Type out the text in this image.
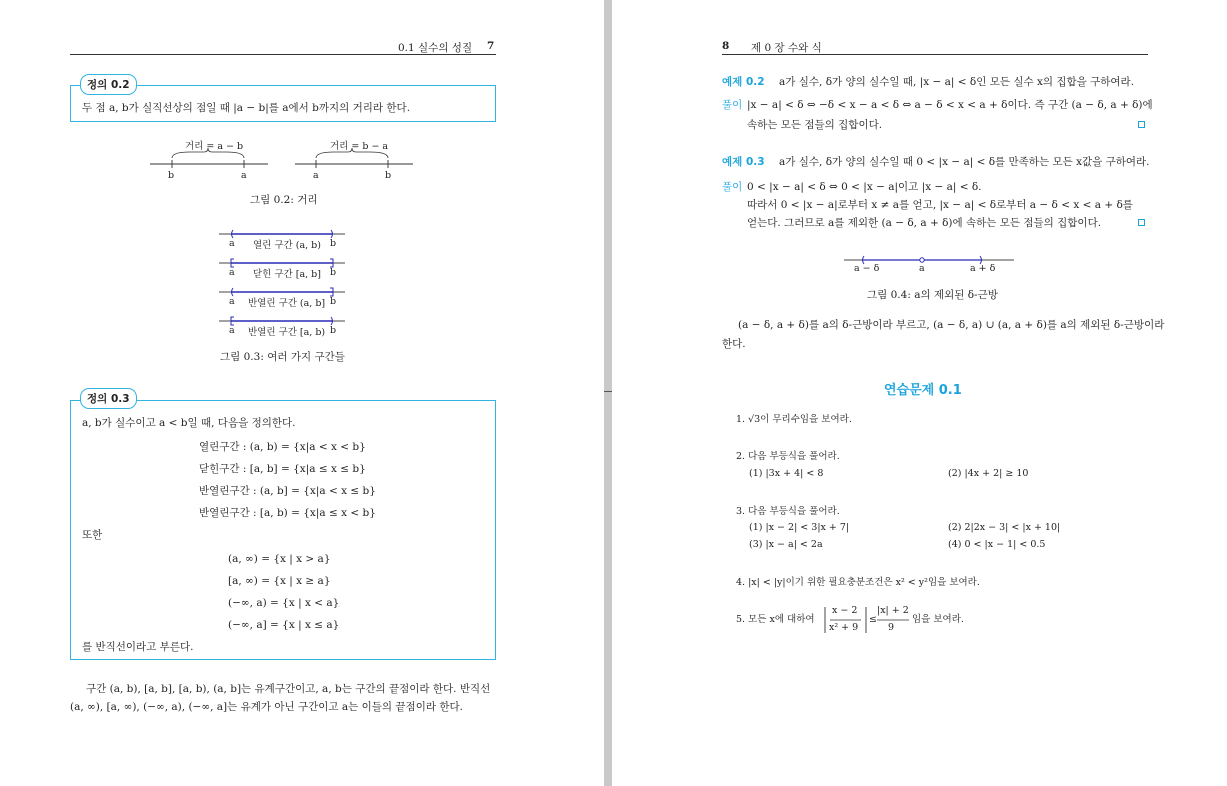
0.1 실수의 성질 7
정의 0.2
두 점 a, b가 실직선상의 점일 때 |a − b|를 a에서 b까지의 거리라 한다.
거리 = a − b	거리 = b − a
b	a	a	b
그림 0.2: 거리
a 열린 구간 (a, b) b
a 닫힌 구간 [a, b] b
a 반열린 구간 (a, b] b
a 반열린 구간 [a, b) b
그림 0.3: 여러 가지 구간들
정의 0.3
a, b가 실수이고 a < b일 때, 다음을 정의한다.
열린구간 : (a, b) = {x|a < x < b}
닫힌구간 : [a, b] = {x|a ≤ x ≤ b}
반열린구간 : (a, b] = {x|a < x ≤ b}
반열린구간 : [a, b) = {x|a ≤ x < b}
또한
(a, ∞) = {x | x > a}
[a, ∞) = {x | x ≥ a}
(−∞, a) = {x | x < a}
(−∞, a] = {x | x ≤ a}
를 반직선이라고 부른다.
구간 (a, b), [a, b], [a, b), (a, b]는 유계구간이고, a, b는 구간의 끝점이라 한다. 반직선
(a, ∞), [a, ∞), (−∞, a), (−∞, a]는 유계가 아닌 구간이고 a는 이들의 끝점이라 한다.
8 제 0 장 수와 식
예제 0.2 a가 실수, δ가 양의 실수일 때, |x − a| < δ인 모든 실수 x의 집합을 구하여라.
풀이 |x − a| < δ ⇔ −δ < x − a < δ ⇔ a − δ < x < a + δ이다. 즉 구간 (a − δ, a + δ)에
속하는 모든 점들의 집합이다.
예제 0.3 a가 실수, δ가 양의 실수일 때 0 < |x − a| < δ를 만족하는 모든 x값을 구하여라.
풀이 0 < |x − a| < δ ⇔ 0 < |x − a|이고 |x − a| < δ.
따라서 0 < |x − a|로부터 x ≠ a를 얻고, |x − a| < δ로부터 a − δ < x < a + δ를
얻는다. 그러므로 a를 제외한 (a − δ, a + δ)에 속하는 모든 점들의 집합이다.
a − δ	a	a + δ
그림 0.4: a의 제외된 δ-근방
(a − δ, a + δ)를 a의 δ-근방이라 부르고, (a − δ, a) ∪ (a, a + δ)를 a의 제외된 δ-근방이라
한다.
연습문제 0.1
1. √3이 무리수임을 보여라.
2. 다음 부등식을 풀어라.
(1) |3x + 4| < 8	(2) |4x + 2| ≥ 10
3. 다음 부등식을 풀어라.
(1) |x − 2| < 3|x + 7|	(2) 2|2x − 3| < |x + 10|
(3) |x − a| < 2a	(4) 0 < |x − 1| < 0.5
4. |x| < |y|이기 위한 필요충분조건은 x² < y²임을 보여라.
5. 모든 x에 대하여
x − 2
x² + 9
≤
|x| + 2
9
임을 보여라.
